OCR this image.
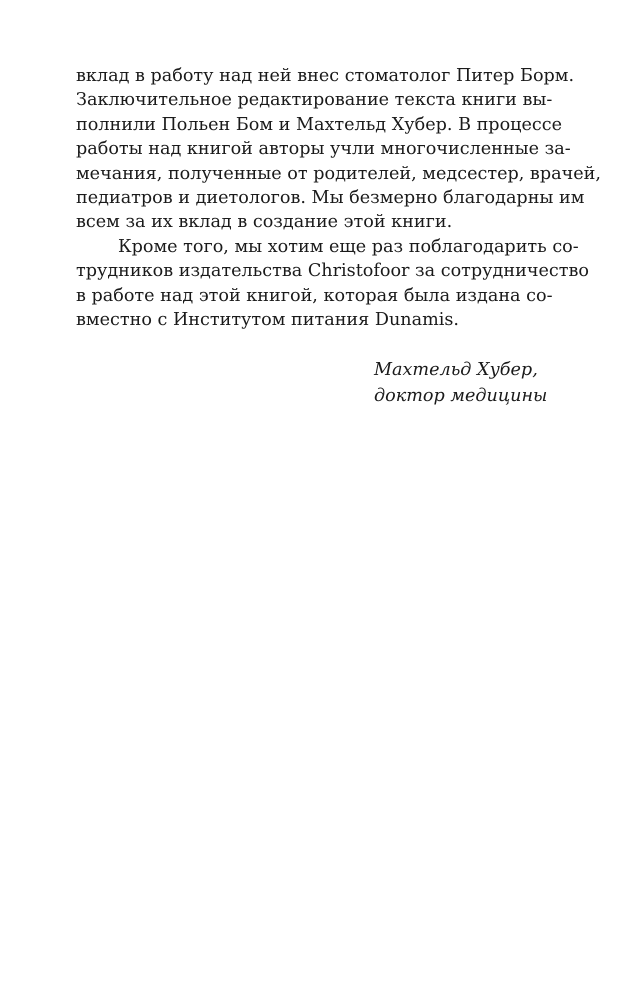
вклад в работу над ней внес стоматолог Питер Борм.
Заключительное редактирование текста книги вы-
полнили Польен Бом и Махтельд Хубер. В процессе
работы над книгой авторы учли многочисленные за-
мечания, полученные от родителей, медсестер, врачей,
педиатров и диетологов. Мы безмерно благодарны им
всем за их вклад в создание этой книги.
Кроме того, мы хотим еще раз поблагодарить со-
трудников издательства Christofoor за сотрудничество
в работе над этой книгой, которая была издана со-
вместно с Институтом питания Dunamis.
Махтельд Хубер,
доктор медицины
